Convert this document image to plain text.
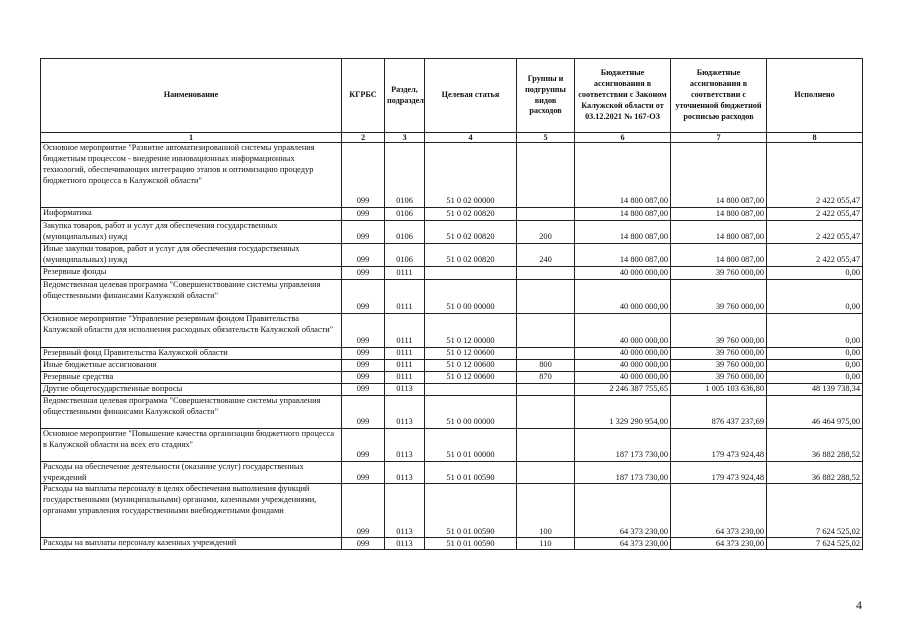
Наименование	КГРБС	Раздел, подраздел	Целевая статья	Группы и подгруппы видов расходов	Бюджетные ассигнования в соответствии с Законом Калужской области от 03.12.2021 № 167-ОЗ	Бюджетные ассигнования в соответствии с уточненной бюджетной росписью расходов	Исполнено
1	2	3	4	5	6	7	8
Основное мероприятие "Развитие автоматизированной системы управления бюджетным процессом - внедрение инновационных информационных технологий, обеспечивающих интеграцию этапов и оптимизацию процедур бюджетного процесса в Калужской области"	099	0106	51 0 02 00000		14 800 087,00	14 800 087,00	2 422 055,47
Информатика	099	0106	51 0 02 00820		14 800 087,00	14 800 087,00	2 422 055,47
Закупка товаров, работ и услуг для обеспечения государственных (муниципальных) нужд	099	0106	51 0 02 00820	200	14 800 087,00	14 800 087,00	2 422 055,47
Иные закупки товаров, работ и услуг для обеспечения государственных (муниципальных) нужд	099	0106	51 0 02 00820	240	14 800 087,00	14 800 087,00	2 422 055,47
Резервные фонды	099	0111			40 000 000,00	39 760 000,00	0,00
Ведомственная целевая программа "Совершенствование системы управления общественными финансами Калужской области"	099	0111	51 0 00 00000		40 000 000,00	39 760 000,00	0,00
Основное мероприятие "Управление резервным фондом Правительства Калужской области для исполнения расходных обязательств Калужской области"	099	0111	51 0 12 00000		40 000 000,00	39 760 000,00	0,00
Резервный фонд Правительства Калужской области	099	0111	51 0 12 00600		40 000 000,00	39 760 000,00	0,00
Иные бюджетные ассигнования	099	0111	51 0 12 00600	800	40 000 000,00	39 760 000,00	0,00
Резервные средства	099	0111	51 0 12 00600	870	40 000 000,00	39 760 000,00	0,00
Другие общегосударственные вопросы	099	0113			2 246 387 755,65	1 005 103 636,80	48 139 738,34
Ведомственная целевая программа "Совершенствование системы управления общественными финансами Калужской области"	099	0113	51 0 00 00000		1 329 290 954,00	876 437 237,69	46 464 975,00
Основное мероприятие "Повышение качества организации бюджетного процесса в Калужской области на всех его стадиях"	099	0113	51 0 01 00000		187 173 730,00	179 473 924,48	36 882 288,52
Расходы на обеспечение деятельности (оказание услуг) государственных учреждений	099	0113	51 0 01 00590		187 173 730,00	179 473 924,48	36 882 288,52
Расходы на выплаты персоналу в целях обеспечения выполнения функций государственными (муниципальными) органами, казенными учреждениями, органами управления государственными внебюджетными фондами	099	0113	51 0 01 00590	100	64 373 230,00	64 373 230,00	7 624 525,02
Расходы на выплаты персоналу казенных учреждений	099	0113	51 0 01 00590	110	64 373 230,00	64 373 230,00	7 624 525,02
4
